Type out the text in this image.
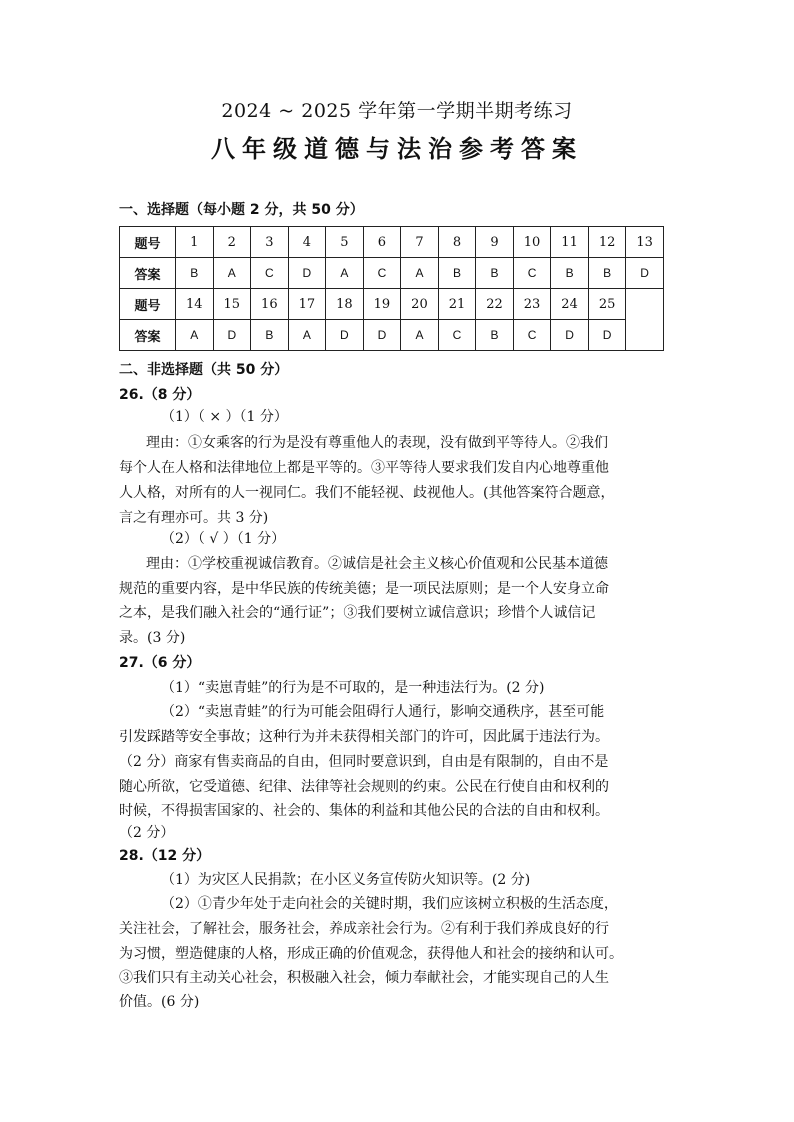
2024 ~ 2025 学年第一学期半期考练习
八年级道德与法治参考答案
一、选择题（每小题 2 分，共 50 分）
题号	1	2	3	4	5	6	7	8	9	10	11	12	13
答案	B	A	C	D	A	C	A	B	B	C	B	B	D
题号	14	15	16	17	18	19	20	21	22	23	24	25	
答案	A	D	B	A	D	D	A	C	B	C	D	D	
二、非选择题（共 50 分）
26.（8 分）
（1）（ × ）（1 分）
理由：①女乘客的行为是没有尊重他人的表现，没有做到平等待人。②我们
每个人在人格和法律地位上都是平等的。③平等待人要求我们发自内心地尊重他
人人格，对所有的人一视同仁。我们不能轻视、歧视他人。(其他答案符合题意，
言之有理亦可。共 3 分)
（2）（ √ ）（1 分）
理由：①学校重视诚信教育。②诚信是社会主义核心价值观和公民基本道德
规范的重要内容，是中华民族的传统美德；是一项民法原则；是一个人安身立命
之本，是我们融入社会的“通行证”；③我们要树立诚信意识；珍惜个人诚信记
录。(3 分)
27.（6 分）
（1）“卖崽青蛙”的行为是不可取的，是一种违法行为。(2 分)
（2）“卖崽青蛙”的行为可能会阻碍行人通行，影响交通秩序，甚至可能
引发踩踏等安全事故；这种行为并未获得相关部门的许可，因此属于违法行为。
（2 分）商家有售卖商品的自由，但同时要意识到，自由是有限制的，自由不是
随心所欲，它受道德、纪律、法律等社会规则的约束。公民在行使自由和权利的
时候，不得损害国家的、社会的、集体的利益和其他公民的合法的自由和权利。
（2 分）
28.（12 分）
（1）为灾区人民捐款；在小区义务宣传防火知识等。(2 分)
（2）①青少年处于走向社会的关键时期，我们应该树立积极的生活态度，
关注社会，了解社会，服务社会，养成亲社会行为。②有利于我们养成良好的行
为习惯，塑造健康的人格，形成正确的价值观念，获得他人和社会的接纳和认可。
③我们只有主动关心社会，积极融入社会，倾力奉献社会，才能实现自己的人生
价值。(6 分)
